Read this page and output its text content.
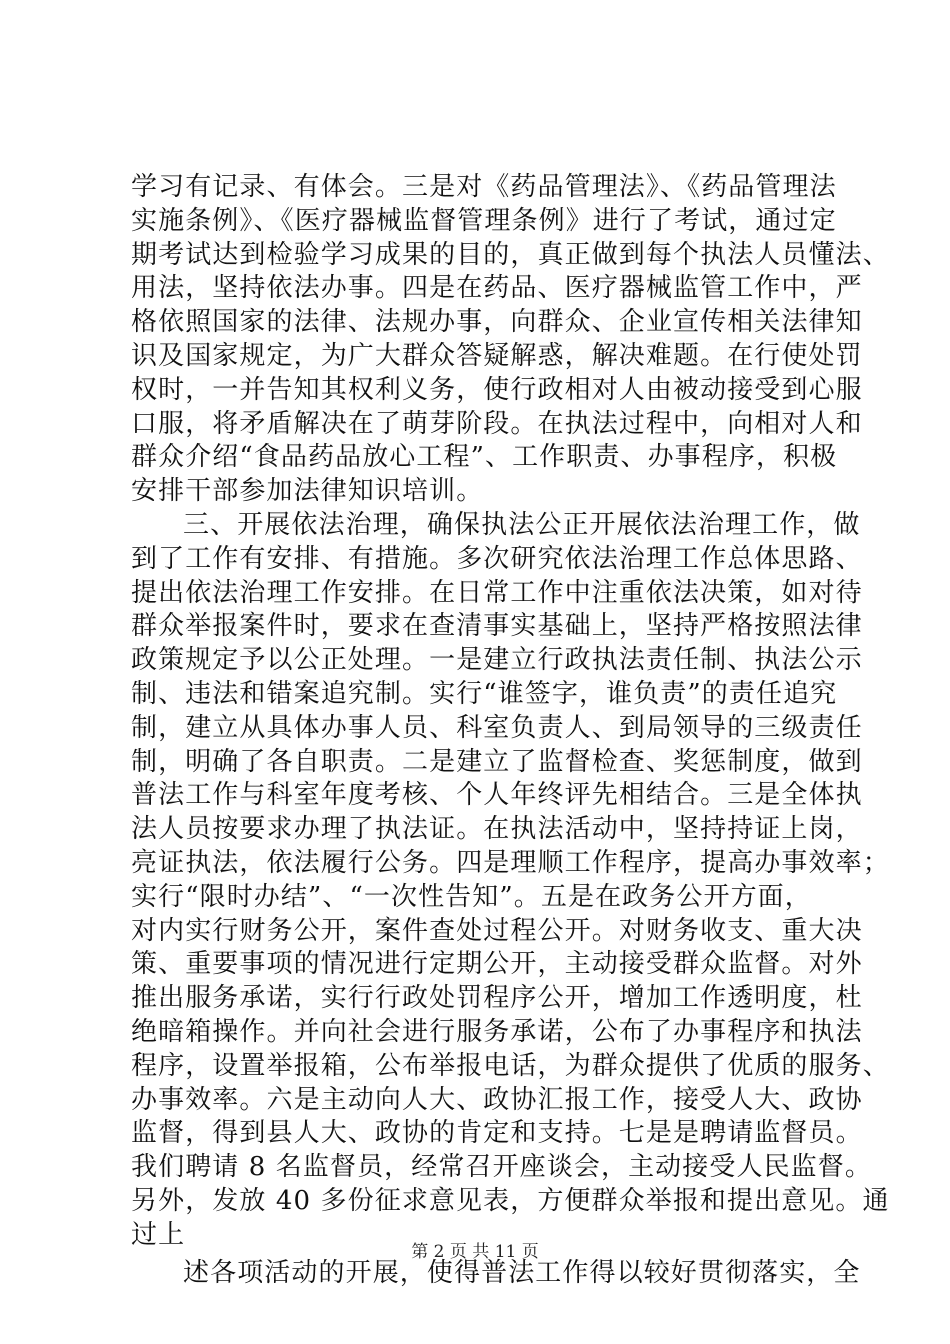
学习有记录、有体会。三是对《药品管理法》、《药品管理法
实施条例》、《医疗器械监督管理条例》进行了考试，通过定
期考试达到检验学习成果的目的，真正做到每个执法人员懂法、
用法，坚持依法办事。四是在药品、医疗器械监管工作中，严
格依照国家的法律、法规办事，向群众、企业宣传相关法律知
识及国家规定，为广大群众答疑解惑，解决难题。在行使处罚
权时，一并告知其权利义务，使行政相对人由被动接受到心服
口服，将矛盾解决在了萌芽阶段。在执法过程中，向相对人和
群众介绍“食品药品放心工程”、工作职责、办事程序，积极
安排干部参加法律知识培训。
三、开展依法治理，确保执法公正开展依法治理工作，做
到了工作有安排、有措施。多次研究依法治理工作总体思路、
提出依法治理工作安排。在日常工作中注重依法决策，如对待
群众举报案件时，要求在查清事实基础上，坚持严格按照法律
政策规定予以公正处理。一是建立行政执法责任制、执法公示
制、违法和错案追究制。实行“谁签字，谁负责”的责任追究
制，建立从具体办事人员、科室负责人、到局领导的三级责任
制，明确了各自职责。二是建立了监督检查、奖惩制度，做到
普法工作与科室年度考核、个人年终评先相结合。三是全体执
法人员按要求办理了执法证。在执法活动中，坚持持证上岗，
亮证执法，依法履行公务。四是理顺工作程序，提高办事效率；
实行“限时办结”、“一次性告知”。五是在政务公开方面，
对内实行财务公开，案件查处过程公开。对财务收支、重大决
策、重要事项的情况进行定期公开，主动接受群众监督。对外
推出服务承诺，实行行政处罚程序公开，增加工作透明度，杜
绝暗箱操作。并向社会进行服务承诺，公布了办事程序和执法
程序，设置举报箱，公布举报电话，为群众提供了优质的服务、
办事效率。六是主动向人大、政协汇报工作，接受人大、政协
监督，得到县人大、政协的肯定和支持。七是是聘请监督员。
我们聘请 8 名监督员，经常召开座谈会，主动接受人民监督。
另外，发放 40 多份征求意见表，方便群众举报和提出意见。通
过上
述各项活动的开展，使得普法工作得以较好贯彻落实，全
第 2 页 共 11 页
